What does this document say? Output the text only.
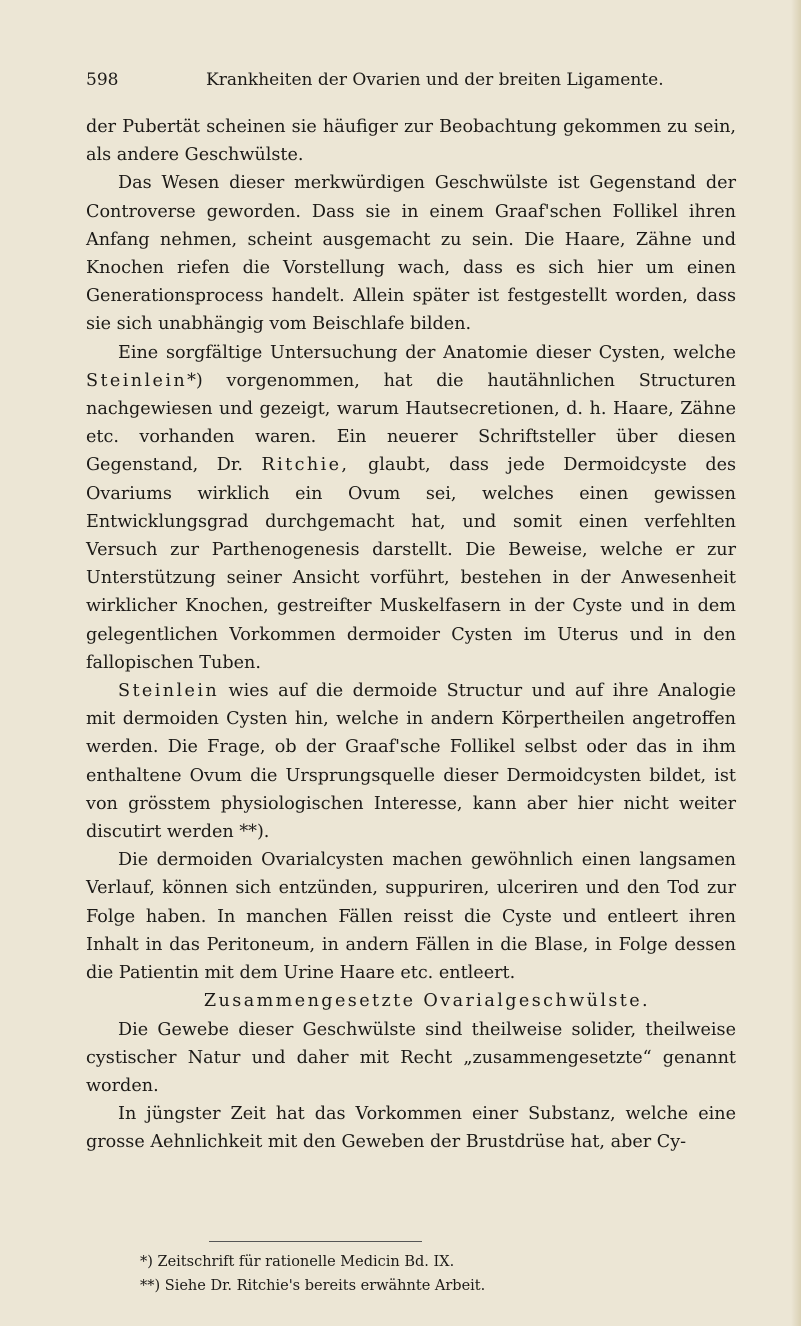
598	Krankheiten der Ovarien und der breiten Ligamente.

der Pubertät scheinen sie häufiger zur Beobachtung gekommen zu sein, als andere Geschwülste.

Das Wesen dieser merkwürdigen Geschwülste ist Gegenstand der Controverse geworden. Dass sie in einem Graaf'schen Follikel ihren Anfang nehmen, scheint ausgemacht zu sein. Die Haare, Zähne und Knochen riefen die Vorstellung wach, dass es sich hier um einen Generationsprocess handelt. Allein später ist festgestellt worden, dass sie sich unabhängig vom Beischlafe bilden.

Eine sorgfältige Untersuchung der Anatomie dieser Cysten, welche Steinlein*) vorgenommen, hat die hautähnlichen Structuren nachgewiesen und gezeigt, warum Hautsecretionen, d. h. Haare, Zähne etc. vorhanden waren. Ein neuerer Schriftsteller über diesen Gegenstand, Dr. Ritchie, glaubt, dass jede Dermoidcyste des Ovariums wirklich ein Ovum sei, welches einen gewissen Entwicklungsgrad durchgemacht hat, und somit einen verfehlten Versuch zur Parthenogenesis darstellt. Die Beweise, welche er zur Unterstützung seiner Ansicht vorführt, bestehen in der Anwesenheit wirklicher Knochen, gestreifter Muskelfasern in der Cyste und in dem gelegentlichen Vorkommen dermoider Cysten im Uterus und in den fallopischen Tuben.

Steinlein wies auf die dermoide Structur und auf ihre Analogie mit dermoiden Cysten hin, welche in andern Körpertheilen angetroffen werden. Die Frage, ob der Graaf'sche Follikel selbst oder das in ihm enthaltene Ovum die Ursprungsquelle dieser Dermoidcysten bildet, ist von grösstem physiologischen Interesse, kann aber hier nicht weiter discutirt werden **).

Die dermoiden Ovarialcysten machen gewöhnlich einen langsamen Verlauf, können sich entzünden, suppuriren, ulceriren und den Tod zur Folge haben. In manchen Fällen reisst die Cyste und entleert ihren Inhalt in das Peritoneum, in andern Fällen in die Blase, in Folge dessen die Patientin mit dem Urine Haare etc. entleert.

Zusammengesetzte Ovarialgeschwülste.

Die Gewebe dieser Geschwülste sind theilweise solider, theilweise cystischer Natur und daher mit Recht „zusammengesetzte“ genannt worden.

In jüngster Zeit hat das Vorkommen einer Substanz, welche eine grosse Aehnlichkeit mit den Geweben der Brustdrüse hat, aber Cy-

*) Zeitschrift für rationelle Medicin Bd. IX.
**) Siehe Dr. Ritchie's bereits erwähnte Arbeit.
